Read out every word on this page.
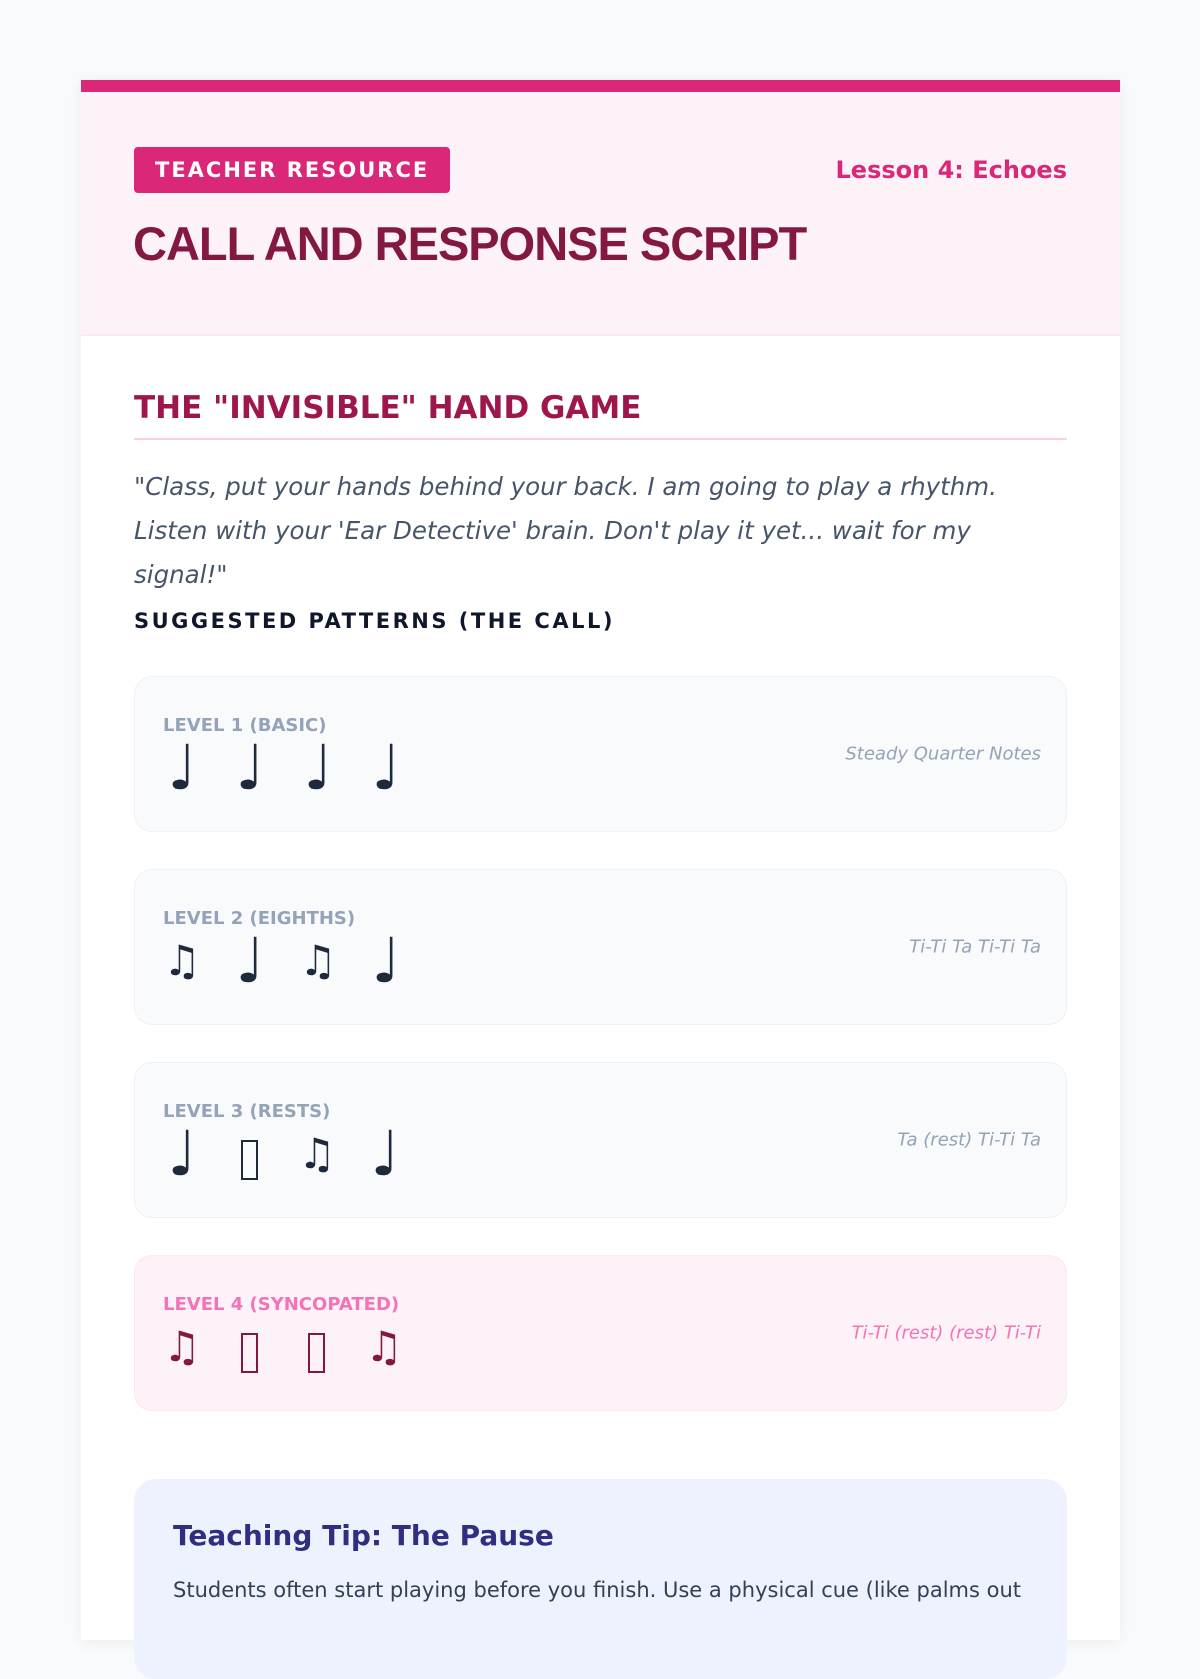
TEACHER RESOURCE	Lesson 4: Echoes
CALL AND RESPONSE SCRIPT
THE "INVISIBLE" HAND GAME

"Class, put your hands behind your back. I am going to play a rhythm. Listen with your 'Ear Detective' brain. Don't play it yet... wait for my signal!"

SUGGESTED PATTERNS (THE CALL)
LEVEL 1 (BASIC)
♩ ♩ ♩ ♩	Steady Quarter Notes
LEVEL 2 (EIGHTHS)
♫ ♩ ♫ ♩	Ti-Ti Ta Ti-Ti Ta
LEVEL 3 (RESTS)
♩ ♫ ♩	Ta (rest) Ti-Ti Ta
LEVEL 4 (SYNCOPATED)
♫	♫	Ti-Ti (rest) (rest) Ti-Ti
Teaching Tip: The Pause

Students often start playing before you finish. Use a physical cue (like palms out
